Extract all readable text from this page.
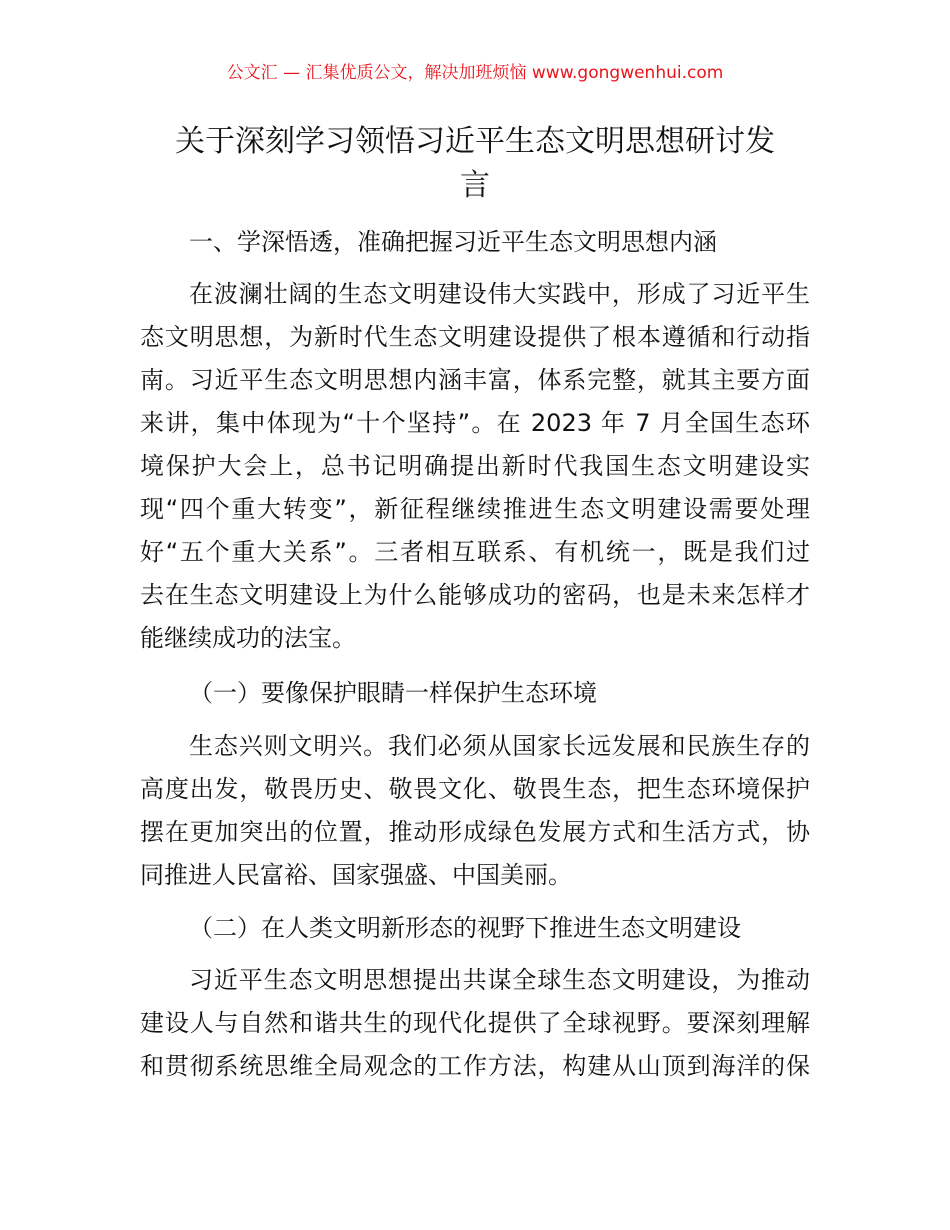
公文汇 — 汇集优质公文，解决加班烦恼 www.gongwenhui.com
关于深刻学习领悟习近平生态文明思想研讨发
言
一、学深悟透，准确把握习近平生态文明思想内涵
在波澜壮阔的生态文明建设伟大实践中，形成了习近平生
态文明思想，为新时代生态文明建设提供了根本遵循和行动指
南。习近平生态文明思想内涵丰富，体系完整，就其主要方面
来讲，集中体现为“十个坚持”。在 2023 年 7 月全国生态环
境保护大会上，总书记明确提出新时代我国生态文明建设实
现“四个重大转变”，新征程继续推进生态文明建设需要处理
好“五个重大关系”。三者相互联系、有机统一，既是我们过
去在生态文明建设上为什么能够成功的密码，也是未来怎样才
能继续成功的法宝。
（一）要像保护眼睛一样保护生态环境
生态兴则文明兴。我们必须从国家长远发展和民族生存的
高度出发，敬畏历史、敬畏文化、敬畏生态，把生态环境保护
摆在更加突出的位置，推动形成绿色发展方式和生活方式，协
同推进人民富裕、国家强盛、中国美丽。
（二）在人类文明新形态的视野下推进生态文明建设
习近平生态文明思想提出共谋全球生态文明建设，为推动
建设人与自然和谐共生的现代化提供了全球视野。要深刻理解
和贯彻系统思维全局观念的工作方法，构建从山顶到海洋的保
